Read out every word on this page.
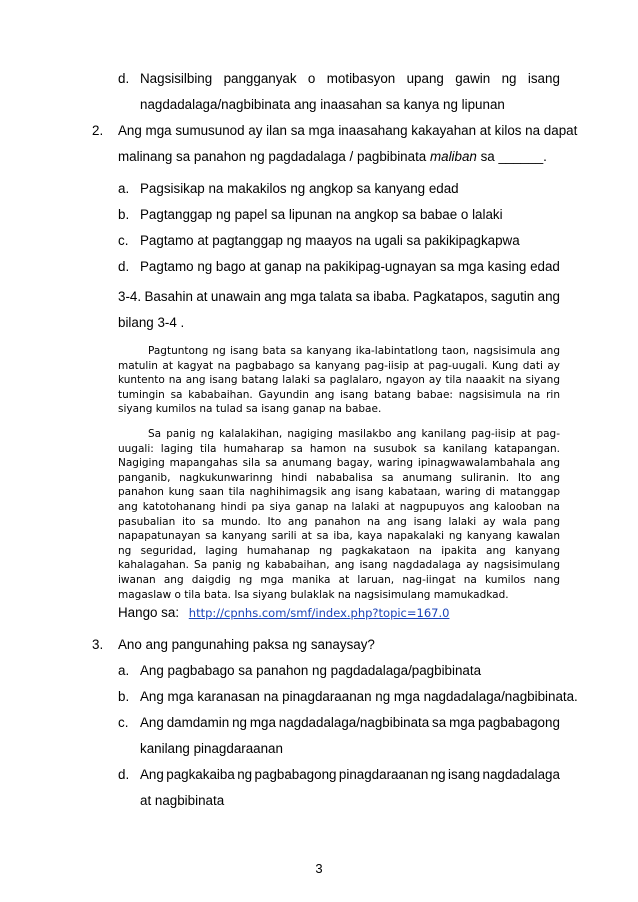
d. Nagsisilbing pangganyak o motibasyon upang gawin ng isang
nagdadalaga/nagbibinata ang inaasahan sa kanya ng lipunan
2. Ang mga sumusunod ay ilan sa mga inaasahang kakayahan at kilos na dapat
malinang sa panahon ng pagdadalaga / pagbibinata maliban sa ______.
a. Pagsisikap na makakilos ng angkop sa kanyang edad
b. Pagtanggap ng papel sa lipunan na angkop sa babae o lalaki
c. Pagtamo at pagtanggap ng maayos na ugali sa pakikipagkapwa
d. Pagtamo ng bago at ganap na pakikipag-ugnayan sa mga kasing edad
3-4. Basahin at unawain ang mga talata sa ibaba. Pagkatapos, sagutin ang
bilang 3-4 .

Pagtuntong ng isang bata sa kanyang ika-labintatlong taon, nagsisimula ang matulin at kagyat na pagbabago sa kanyang pag-iisip at pag-uugali. Kung dati ay kuntento na ang isang batang lalaki sa paglalaro, ngayon ay tila naaakit na siyang tumingin sa kababaihan. Gayundin ang isang batang babae: nagsisimula na rin siyang kumilos na tulad sa isang ganap na babae.

Sa panig ng kalalakihan, nagiging masilakbo ang kanilang pag-iisip at pag-uugali: laging tila humaharap sa hamon na susubok sa kanilang katapangan. Nagiging mapangahas sila sa anumang bagay, waring ipinagwawalambahala ang panganib, nagkukunwarinng hindi nababalisa sa anumang suliranin. Ito ang panahon kung saan tila naghihimagsik ang isang kabataan, waring di matanggap ang katotohanang hindi pa siya ganap na lalaki at nagpupuyos ang kalooban na pasubalian ito sa mundo. Ito ang panahon na ang isang lalaki ay wala pang napapatunayan sa kanyang sarili at sa iba, kaya napakalaki ng kanyang kawalan ng seguridad, laging humahanap ng pagkakataon na ipakita ang kanyang kahalagahan. Sa panig ng kababaihan, ang isang nagdadalaga ay nagsisimulang iwanan ang daigdig ng mga manika at laruan, nag-iingat na kumilos nang magaslaw o tila bata. Isa siyang bulaklak na nagsisimulang mamukadkad.

Hango sa: http://cpnhs.com/smf/index.php?topic=167.0
3. Ano ang pangunahing paksa ng sanaysay?
a. Ang pagbabago sa panahon ng pagdadalaga/pagbibinata
b. Ang mga karanasan na pinagdaraanan ng mga nagdadalaga/nagbibinata.
c. Ang damdamin ng mga nagdadalaga/nagbibinata sa mga pagbabagong
kanilang pinagdaraanan
d. Ang pagkakaiba ng pagbabagong pinagdaraanan ng isang nagdadalaga
at nagbibinata
3
